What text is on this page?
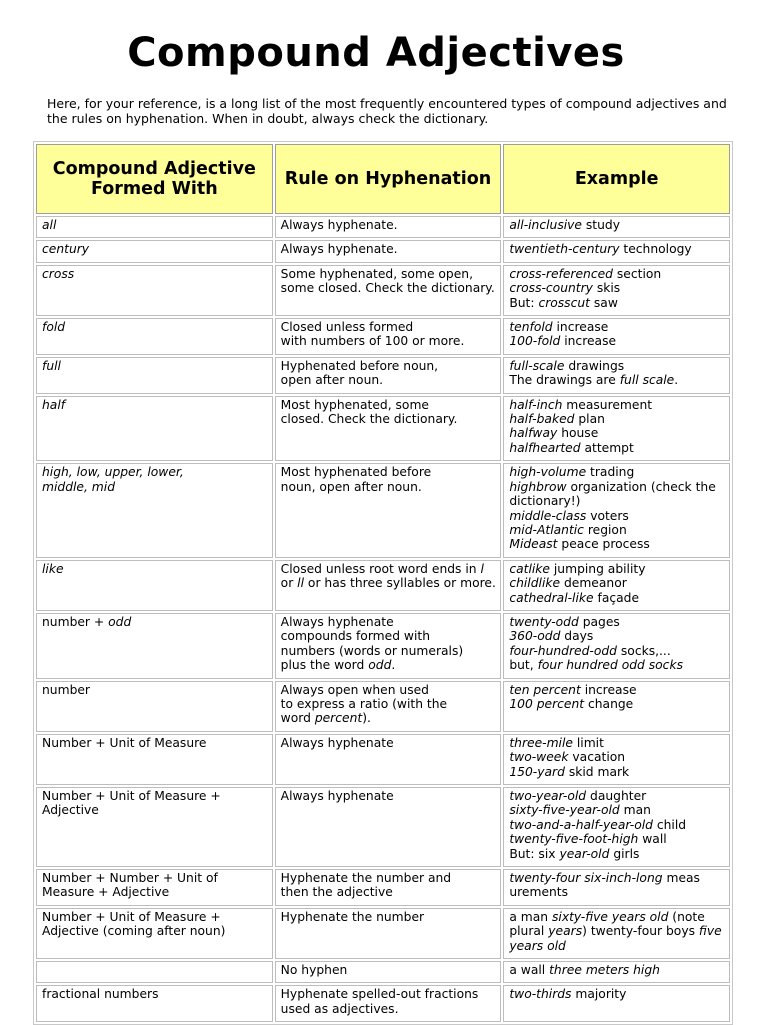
Compound Adjectives
Here, for your reference, is a long list of the most frequently encountered types of compound adjectives and the rules on hyphenation. When in doubt, always check the dictionary.
Compound Adjective Formed With	Rule on Hyphenation	Example
all	Always hyphenate.	all-inclusive study
century	Always hyphenate.	twentieth-century technology
cross	Some hyphenated, some open, some closed. Check the dictionary.	cross-referenced section
cross-country skis
But: crosscut saw

fold	Closed unless formed
with numbers of 100 or more.	tenfold increase
100-fold increase

full	Hyphenated before noun,
open after noun.	full-scale drawings
The drawings are full scale.

half	Most hyphenated, some
closed. Check the dictionary.	half-inch measurement
half-baked plan
halfway house
halfhearted attempt

high, low, upper, lower,
middle, mid	Most hyphenated before
noun, open after noun.	high-volume trading
highbrow organization (check the dictionary!)
middle-class voters
mid-Atlantic region
Mideast peace process

like	Closed unless root word ends in l or ll or has three syllables or more.	catlike jumping ability
childlike demeanor
cathedral-like façade

number + odd	Always hyphenate
compounds formed with
numbers (words or numerals)
plus the word odd.	twenty-odd pages
360-odd days
four-hundred-odd socks,...
but, four hundred odd socks

number	Always open when used
to express a ratio (with the
word percent).	ten percent increase
100 percent change

Number + Unit of Measure	Always hyphenate	three-mile limit
two-week vacation
150-yard skid mark

Number + Unit of Measure + Adjective	Always hyphenate	two-year-old daughter
sixty-five-year-old man
two-and-a-half-year-old child
twenty-five-foot-high wall
But: six year-old girls

Number + Number + Unit of Measure + Adjective	Hyphenate the number and
then the adjective	twenty-four six-inch-long meas urements
Number + Unit of Measure + Adjective (coming after noun)	Hyphenate the number	a man sixty-five years old (note plural years) twenty-four boys five years old
	No hyphen	a wall three meters high
fractional numbers	Hyphenate spelled-out fractions used as adjectives.	two-thirds majority
